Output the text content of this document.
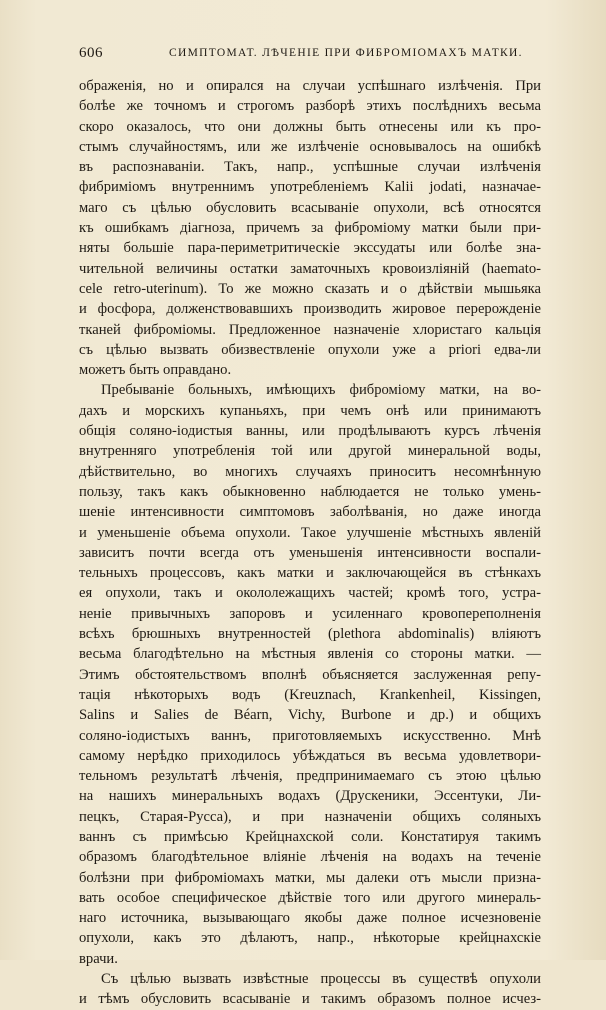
606	СИМПТОМАТ. ЛѢЧЕНІЕ ПРИ ФИБРОМІОМАХЪ МАТКИ.
ображенія, но и опирался на случаи успѣшнаго излѣченія. При
болѣе же точномъ и строгомъ разборѣ этихъ послѣднихъ весьма
скоро оказалось, что они должны быть отнесены или къ про-
стымъ случайностямъ, или же излѣченіе основывалось на ошибкѣ
въ распознаваніи. Такъ, напр., успѣшные случаи излѣченія
фибриміомъ внутреннимъ употребленіемъ Kalii jodati, назначае-
маго съ цѣлью обусловить всасываніе опухоли, всѣ относятся
къ ошибкамъ діагноза, причемъ за фиброміому матки были при-
няты большіе пара-периметритическіе экссудаты или болѣе зна-
чительной величины остатки заматочныхъ кровоизліяній (haemato-
cele retro-uterinum). То же можно сказать и о дѣйствіи мышьяка
и фосфора, долженствовавшихъ производить жировое перерожденіе
тканей фиброміомы. Предложенное назначеніе хлористаго кальція
съ цѣлью вызвать обизвествленіе опухоли уже a priori едва-ли
можетъ быть оправдано.
Пребываніе больныхъ, имѣющихъ фиброміому матки, на во-
дахъ и морскихъ купаньяхъ, при чемъ онѣ или принимаютъ
общія соляно-іодистыя ванны, или продѣлываютъ курсъ лѣченія
внутренняго употребленія той или другой минеральной воды,
дѣйствительно, во многихъ случаяхъ приноситъ несомнѣнную
пользу, такъ какъ обыкновенно наблюдается не только умень-
шеніе интенсивности симптомовъ заболѣванія, но даже иногда
и уменьшеніе объема опухоли. Такое улучшеніе мѣстныхъ явленій
зависитъ почти всегда отъ уменьшенія интенсивности воспали-
тельныхъ процессовъ, какъ матки и заключающейся въ стѣнкахъ
ея опухоли, такъ и окололежащихъ частей; кромѣ того, устра-
неніе привычныхъ запоровъ и усиленнаго кровопереполненія
всѣхъ брюшныхъ внутренностей (plethora abdominalis) вліяютъ
весьма благодѣтельно на мѣстныя явленія со стороны матки. —
Этимъ обстоятельствомъ вполнѣ объясняется заслуженная репу-
тація нѣкоторыхъ водъ (Kreuznach, Krankenheil, Kissingen,
Salins и Salies de Béarn, Vichy, Burbone и др.) и общихъ
соляно-іодистыхъ ваннъ, приготовляемыхъ искусственно. Мнѣ
самому нерѣдко приходилось убѣждаться въ весьма удовлетвори-
тельномъ результатѣ лѣченія, предпринимаемаго съ этою цѣлью
на нашихъ минеральныхъ водахъ (Друскеники, Эссентуки, Ли-
пецкъ, Старая-Русса), и при назначеніи общихъ соляныхъ
ваннъ съ примѣсью Крейцнахской соли. Констатируя такимъ
образомъ благодѣтельное вліяніе лѣченія на водахъ на теченіе
болѣзни при фиброміомахъ матки, мы далеки отъ мысли призна-
вать особое специфическое дѣйствіе того или другого минераль-
наго источника, вызывающаго якобы даже полное исчезновеніе
опухоли, какъ это дѣлаютъ, напр., нѣкоторые крейцнахскіе
врачи.
Съ цѣлью вызвать извѣстные процессы въ существѣ опухоли
и тѣмъ обусловить всасываніе и такимъ образомъ полное исчез-
